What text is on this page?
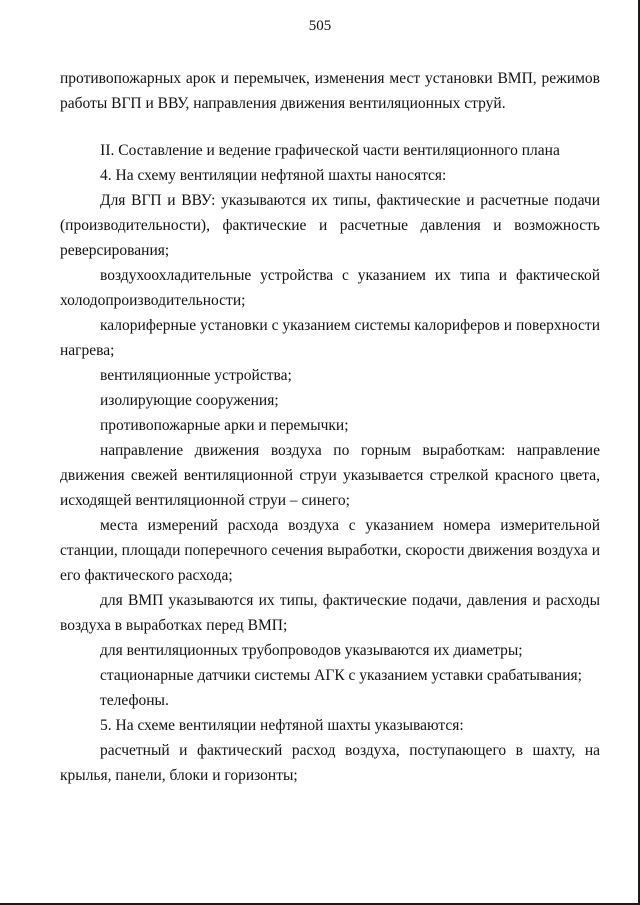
505

противопожарных арок и перемычек, изменения мест установки ВМП, режимов работы ВГП и ВВУ, направления движения вентиляционных струй.

II. Составление и ведение графической части вентиляционного плана

4. На схему вентиляции нефтяной шахты наносятся:

Для ВГП и ВВУ: указываются их типы, фактические и расчетные подачи (производительности), фактические и расчетные давления и возможность реверсирования;

воздухоохладительные устройства с указанием их типа и фактической холодопроизводительности;

калориферные установки с указанием системы калориферов и поверхности нагрева;

вентиляционные устройства;

изолирующие сооружения;

противопожарные арки и перемычки;

направление движения воздуха по горным выработкам: направление движения свежей вентиляционной струи указывается стрелкой красного цвета, исходящей вентиляционной струи – синего;

места измерений расхода воздуха с указанием номера измерительной станции, площади поперечного сечения выработки, скорости движения воздуха и его фактического расхода;

для ВМП указываются их типы, фактические подачи, давления и расходы воздуха в выработках перед ВМП;

для вентиляционных трубопроводов указываются их диаметры;

стационарные датчики системы АГК с указанием уставки срабатывания;

телефоны.

5. На схеме вентиляции нефтяной шахты указываются:

расчетный и фактический расход воздуха, поступающего в шахту, на крылья, панели, блоки и горизонты;
